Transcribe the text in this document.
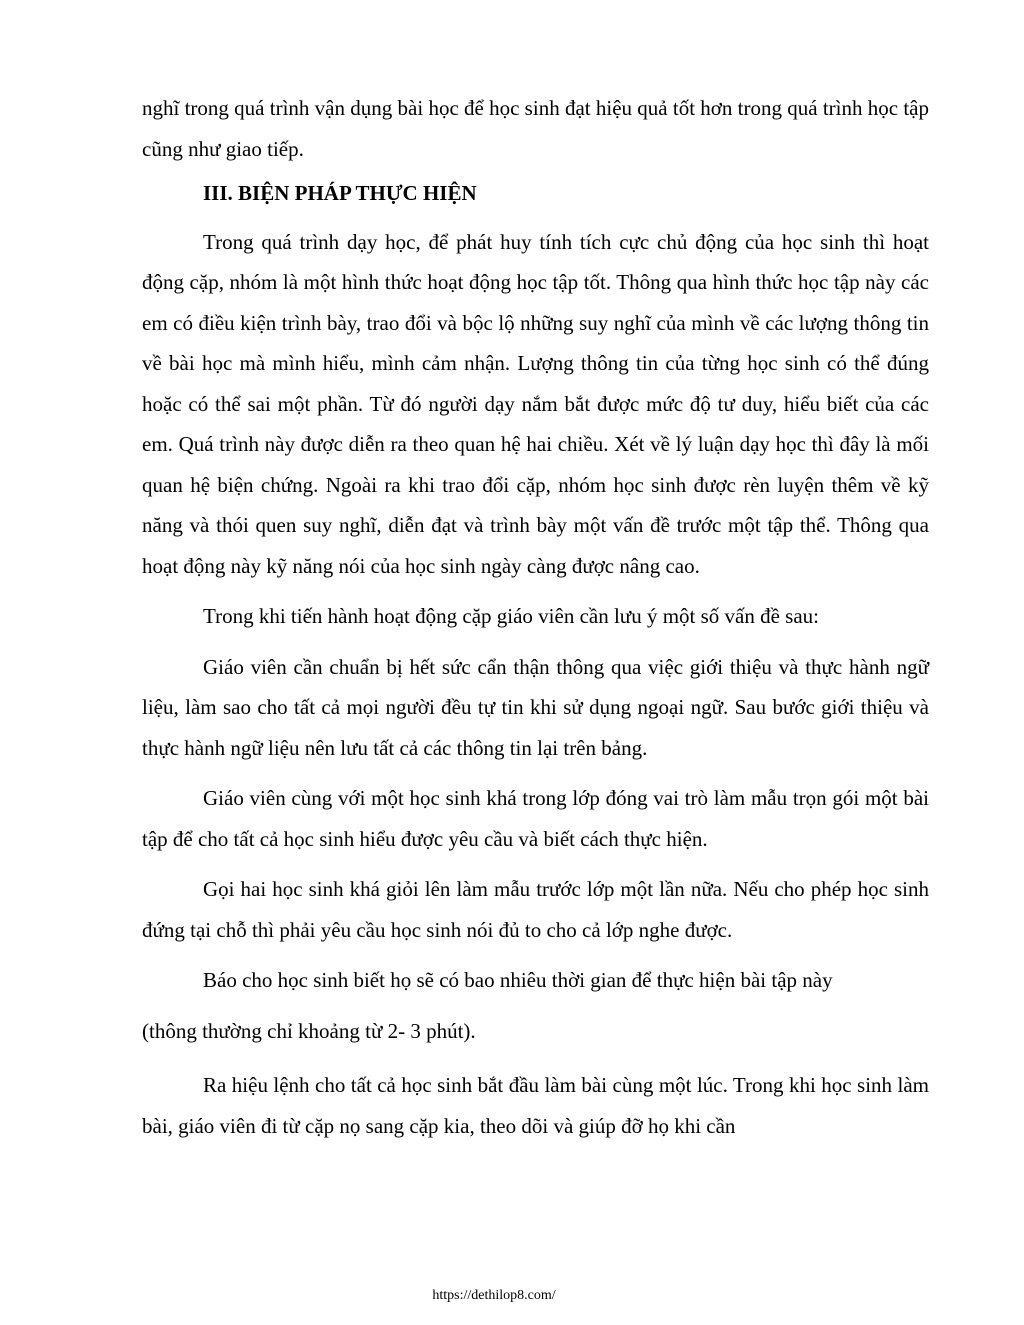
nghĩ trong quá trình vận dụng bài học để học sinh đạt hiệu quả tốt hơn trong quá trình học tập cũng như giao tiếp.

III. BIỆN PHÁP THỰC HIỆN

Trong quá trình dạy học, để phát huy tính tích cực chủ động của học sinh thì hoạt động cặp, nhóm là một hình thức hoạt động học tập tốt. Thông qua hình thức học tập này các em có điều kiện trình bày, trao đổi và bộc lộ những suy nghĩ của mình về các lượng thông tin về bài học mà mình hiểu, mình cảm nhận. Lượng thông tin của từng học sinh có thể đúng hoặc có thể sai một phần. Từ đó người dạy nắm bắt được mức độ tư duy, hiểu biết của các em. Quá trình này được diễn ra theo quan hệ hai chiều. Xét về lý luận dạy học thì đây là mối quan hệ biện chứng. Ngoài ra khi trao đổi cặp, nhóm học sinh được rèn luyện thêm về kỹ năng và thói quen suy nghĩ, diễn đạt và trình bày một vấn đề trước một tập thể. Thông qua hoạt động này kỹ năng nói của học sinh ngày càng được nâng cao.

Trong khi tiến hành hoạt động cặp giáo viên cần lưu ý một số vấn đề sau:

Giáo viên cần chuẩn bị hết sức cẩn thận thông qua việc giới thiệu và thực hành ngữ liệu, làm sao cho tất cả mọi người đều tự tin khi sử dụng ngoại ngữ. Sau bước giới thiệu và thực hành ngữ liệu nên lưu tất cả các thông tin lại trên bảng.

Giáo viên cùng với một học sinh khá trong lớp đóng vai trò làm mẫu trọn gói một bài tập để cho tất cả học sinh hiểu được yêu cầu và biết cách thực hiện.

Gọi hai học sinh khá giỏi lên làm mẫu trước lớp một lần nữa. Nếu cho phép học sinh đứng tại chỗ thì phải yêu cầu học sinh nói đủ to cho cả lớp nghe được.

Báo cho học sinh biết họ sẽ có bao nhiêu thời gian để thực hiện bài tập này

(thông thường chỉ khoảng từ 2- 3 phút).

Ra hiệu lệnh cho tất cả học sinh bắt đầu làm bài cùng một lúc. Trong khi học sinh làm bài, giáo viên đi từ cặp nọ sang cặp kia, theo dõi và giúp đỡ họ khi cần

https://dethilop8.com/
